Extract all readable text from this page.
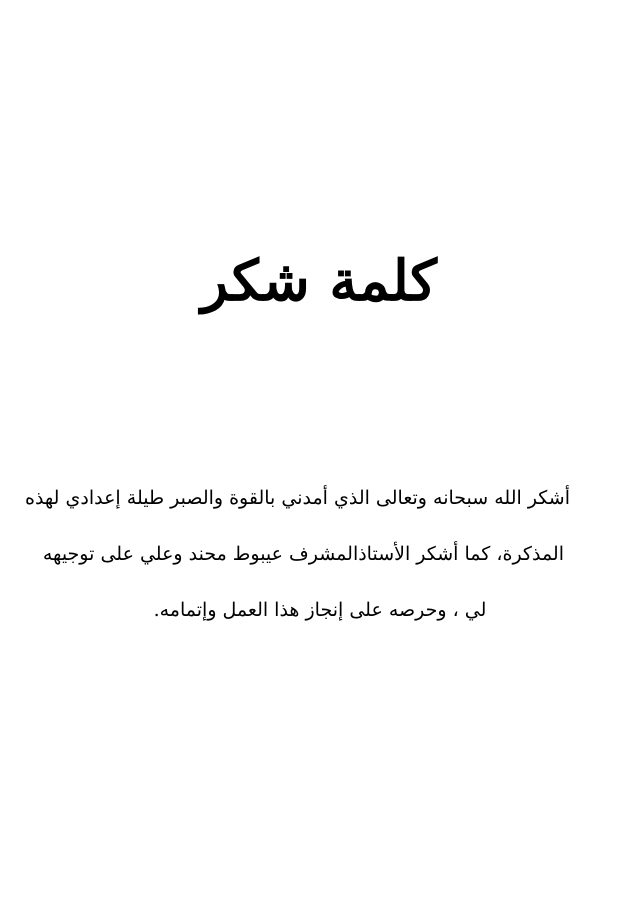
كلمة شكر
أشكر الله سبحانه وتعالى الذي أمدني بالقوة والصبر طيلة إعدادي لهذه
المذكرة، كما أشكر الأستاذالمشرف عيبوط محند وعلي على توجيهه
لي ، وحرصه على إنجاز هذا العمل وإتمامه.
